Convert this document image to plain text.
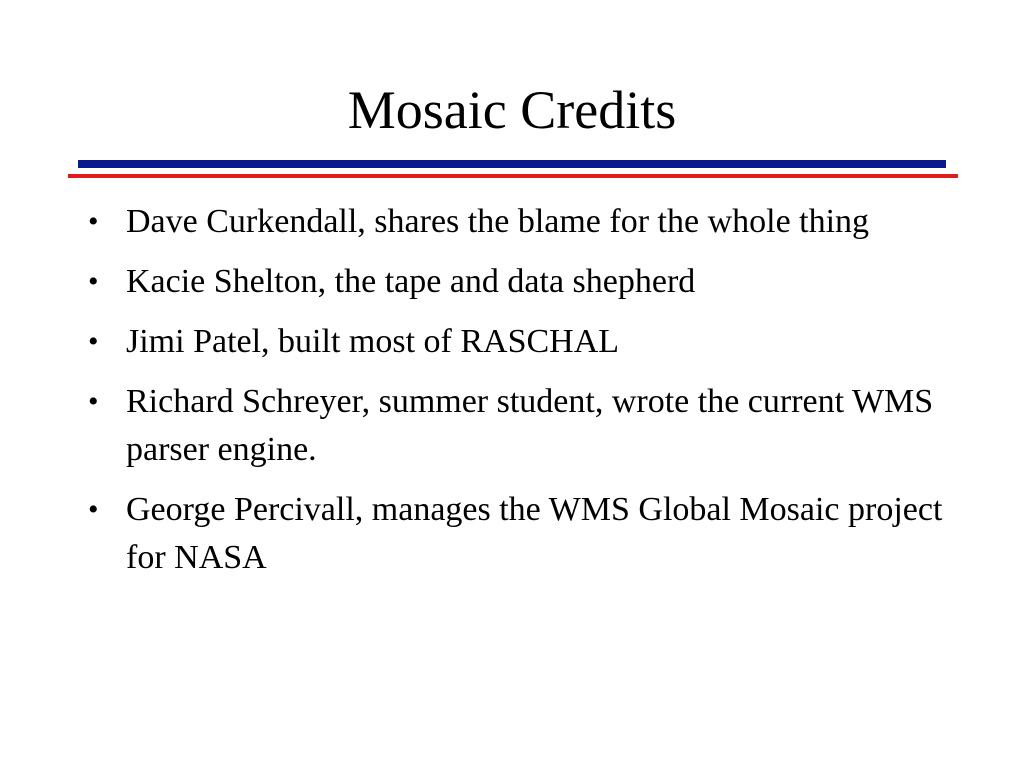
Mosaic Credits
• Dave Curkendall, shares the blame for the whole thing
• Kacie Shelton, the tape and data shepherd
• Jimi Patel, built most of RASCHAL
• Richard Schreyer, summer student, wrote the current WMS parser engine.
• George Percivall, manages the WMS Global Mosaic project for NASA
